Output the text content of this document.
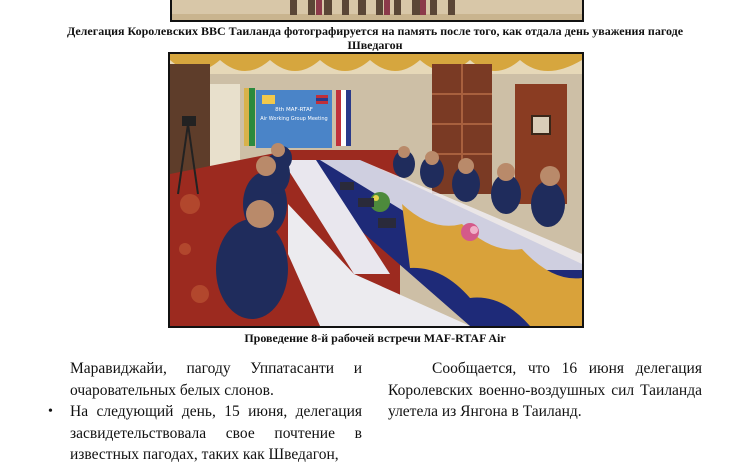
Делегация Королевских ВВС Таиланда фотографируется на память после того, как отдала день уважения пагоде Шведагон

8th MAF-RTAF
Air Working Group Meeting

Проведение 8-й рабочей встречи MAF-RTAF Air

Маравиджайи, пагоду Уппатасанти и

очаровательных белых слонов.

• На следующий день, 15 июня, делегация засвидетельствовала свое почтение в известных пагодах, таких как Шведагон,

Сообщается, что 16 июня делегация Королевских военно-воздушных сил Таиланда улетела из Янгона в Таиланд.
